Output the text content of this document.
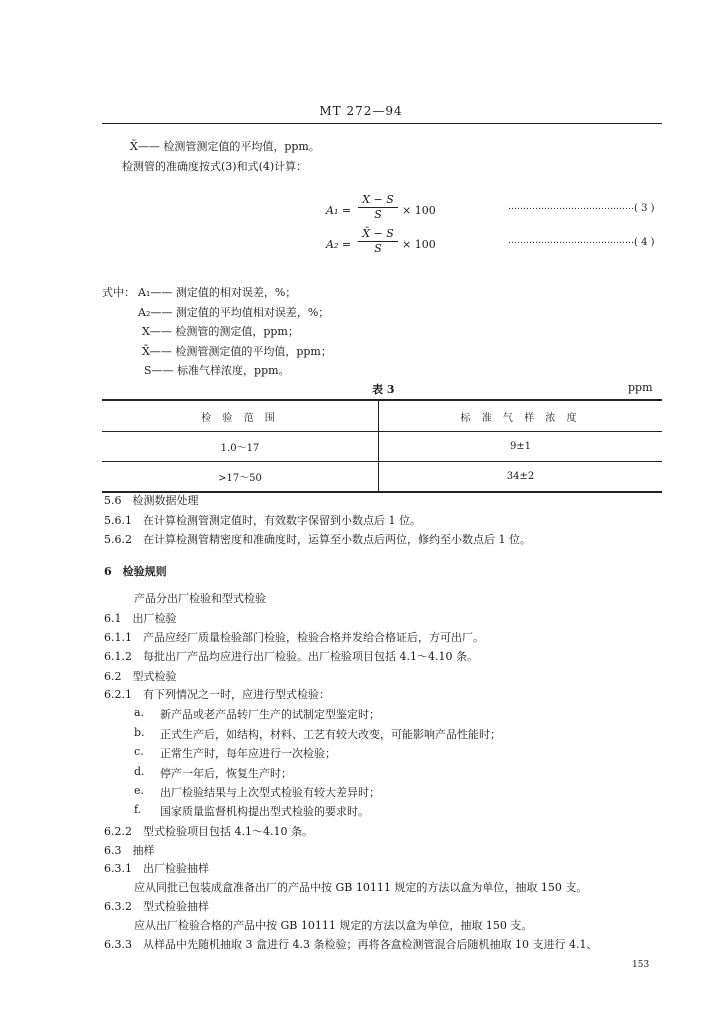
MT 272—94
X̄—— 检测管测定值的平均值，ppm。
检测管的准确度按式(3)和式(4)计算：
$A_1 = \frac{X - S}{S} \times 100$	…………………………………… ( 3 )
$A_2 = \frac{X̄ - S}{S} \times 100$	…………………………………… ( 4 )
式中： A₁—— 测定值的相对误差，%；
A₂—— 测定值的平均值相对误差，%；
X—— 检测管的测定值，ppm；
X̄—— 检测管测定值的平均值，ppm；
S—— 标准气样浓度，ppm。
表 3	ppm
检 验 范 围	标 准 气 样 浓 度
1.0～17	9±1
>17～50	34±2
5.6　检测数据处理
5.6.1　在计算检测管测定值时，有效数字保留到小数点后 1 位。
5.6.2　在计算检测管精密度和准确度时，运算至小数点后两位，修约至小数点后 1 位。
6　检验规则
产品分出厂检验和型式检验
6.1　出厂检验
6.1.1　产品应经厂质量检验部门检验，检验合格并发给合格证后，方可出厂。
6.1.2　每批出厂产品均应进行出厂检验。出厂检验项目包括 4.1～4.10 条。
6.2　型式检验
6.2.1　有下列情况之一时，应进行型式检验：
a. 新产品或老产品转厂生产的试制定型鉴定时；
b. 正式生产后，如结构，材料、工艺有较大改变，可能影响产品性能时；
c. 正常生产时，每年应进行一次检验；
d. 停产一年后，恢复生产时；
e. 出厂检验结果与上次型式检验有较大差异时；
f. 国家质量监督机构提出型式检验的要求时。
6.2.2　型式检验项目包括 4.1～4.10 条。
6.3　抽样
6.3.1　出厂检验抽样
应从同批已包装成盒准备出厂的产品中按 GB 10111 规定的方法以盒为单位，抽取 150 支。
6.3.2　型式检验抽样
应从出厂检验合格的产品中按 GB 10111 规定的方法以盒为单位，抽取 150 支。
6.3.3　从样品中先随机抽取 3 盒进行 4.3 条检验；再将各盒检测管混合后随机抽取 10 支进行 4.1、
153
